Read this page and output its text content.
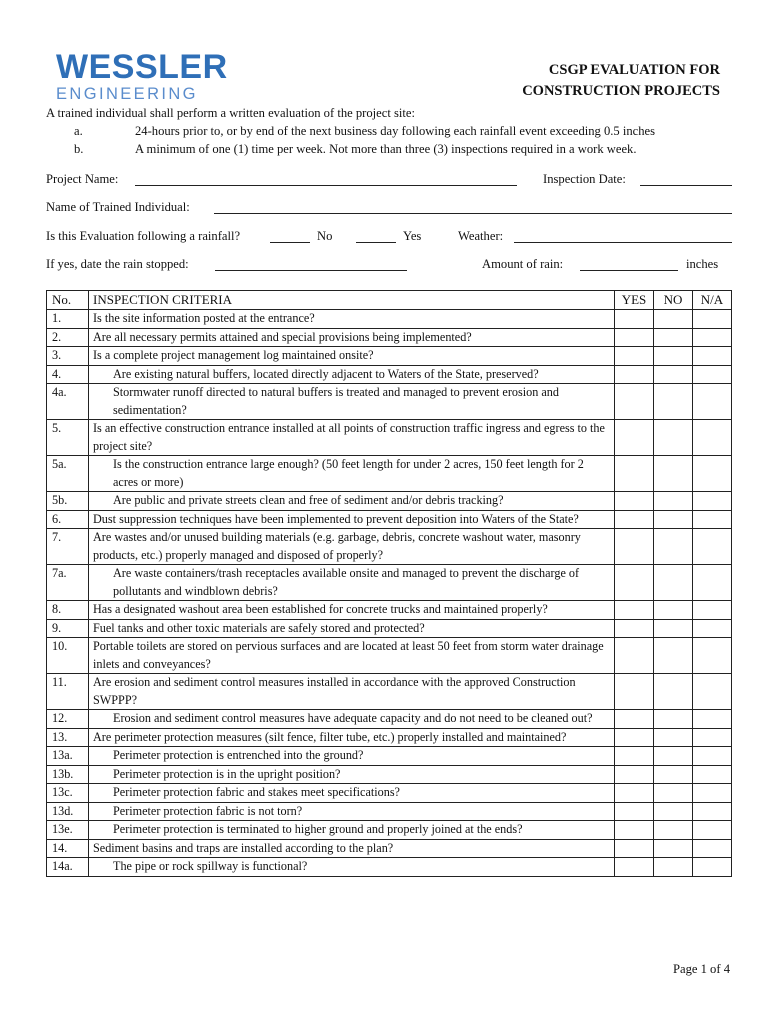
WESSLER
ENGINEERING
CSGP EVALUATION FOR
CONSTRUCTION PROJECTS
A trained individual shall perform a written evaluation of the project site:
a.	24-hours prior to, or by end of the next business day following each rainfall event exceeding 0.5 inches
b.	A minimum of one (1) time per week. Not more than three (3) inspections required in a work week.
Project Name:	Inspection Date:
Name of Trained Individual:
Is this Evaluation following a rainfall?	No	Yes	Weather:
If yes, date the rain stopped:	Amount of rain:	inches
No.	INSPECTION CRITERIA	YES	NO	N/A
1.	Is the site information posted at the entrance?			
2.	Are all necessary permits attained and special provisions being implemented?			
3.	Is a complete project management log maintained onsite?			
4.	Are existing natural buffers, located directly adjacent to Waters of the State, preserved?			

4a.	Stormwater runoff directed to natural buffers is treated and managed to prevent erosion and sedimentation?			

5.	Is an effective construction entrance installed at all points of construction traffic ingress and egress to the project site?			
5a.	Is the construction entrance large enough? (50 feet length for under 2 acres, 150 feet length for 2 acres or more)			

5b.	Are public and private streets clean and free of sediment and/or debris tracking?			

6.	Dust suppression techniques have been implemented to prevent deposition into Waters of the State?			
7.	Are wastes and/or unused building materials (e.g. garbage, debris, concrete washout water, masonry products, etc.) properly managed and disposed of properly?			
7a.	Are waste containers/trash receptacles available onsite and managed to prevent the discharge of pollutants and windblown debris?			

8.	Has a designated washout area been established for concrete trucks and maintained properly?			
9.	Fuel tanks and other toxic materials are safely stored and protected?			
10.	Portable toilets are stored on pervious surfaces and are located at least 50 feet from storm water drainage inlets and conveyances?			
11.	Are erosion and sediment control measures installed in accordance with the approved Construction SWPPP?			
12.	Erosion and sediment control measures have adequate capacity and do not need to be cleaned out?			

13.	Are perimeter protection measures (silt fence, filter tube, etc.) properly installed and maintained?			
13a.	Perimeter protection is entrenched into the ground?			

13b.	Perimeter protection is in the upright position?			

13c.	Perimeter protection fabric and stakes meet specifications?			

13d.	Perimeter protection fabric is not torn?			

13e.	Perimeter protection is terminated to higher ground and properly joined at the ends?			

14.	Sediment basins and traps are installed according to the plan?			
14a.	The pipe or rock spillway is functional?			

Page 1 of 4
